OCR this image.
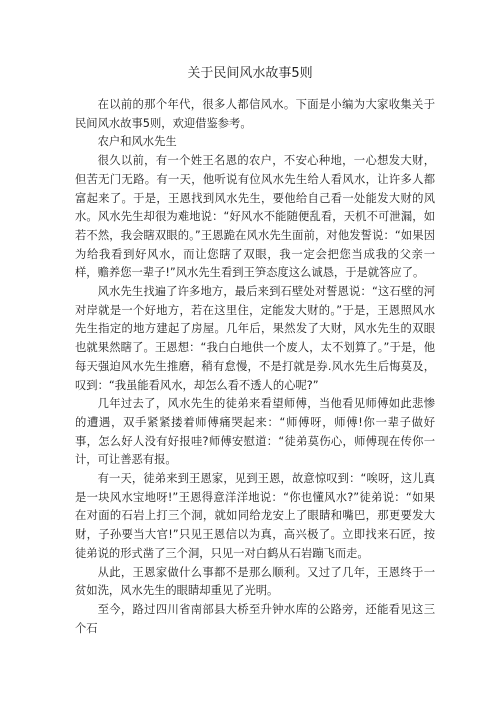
关于民间风水故事5则

在以前的那个年代，很多人都信风水。下面是小编为大家收集关于民间风水故事5则，欢迎借鉴参考。

农户和风水先生

很久以前，有一个姓王名恩的农户，不安心种地，一心想发大财，但苦无门无路。有一天，他听说有位风水先生给人看风水，让许多人都富起来了。于是，王恩找到风水先生，要他给自己看一处能发大财的风水。风水先生却很为难地说：“好风水不能随便乱看，天机不可泄漏，如若不然，我会瞎双眼的。”王恩跪在风水先生面前，对他发誓说：“如果因为给我看到好风水，而让您瞎了双眼，我一定会把您当成我的父亲一样，赡养您一辈子!”风水先生看到王笋态度这么诚恳，于是就答应了。

风水先生找遍了许多地方，最后来到石壁处对誓恩说：“这石壁的河对岸就是一个好地方，若在这里住，定能发大财的。”于是，王恩照风水先生指定的地方建起了房屋。几年后，果然发了大财，风水先生的双眼也就果然瞎了。王恩想：“我白白地供一个废人，太不划算了。”于是，他每天强迫风水先生推磨，稍有怠慢，不是打就是券.风水先生后悔莫及，叹到：“我虽能看风水，却怎么看不透人的心呢?”

几年过去了，风水先生的徒弟来看望师傅，当他看见师傅如此悲惨的遭遇，双手紧紧搂着师傅痛哭起来：“师傅呀，师傅!你一辈子做好事，怎么好人没有好报哇?师傅安慰道：“徒弟莫伤心，师傅现在传你一计，可让善恶有报。

有一天，徒弟来到王恩家，见到王恩，故意惊叹到：“唉呀，这儿真是一块风水宝地呀!”王恩得意洋洋地说：“你也懂风水?”徒弟说：“如果在对面的石岩上打三个洞，就如同给龙安上了眼睛和嘴巴，那更要发大财，子孙要当大官!”只见王恩信以为真，高兴极了。立即找来石匠，按徒弟说的形式凿了三个洞，只见一对白鹤从石岩蹦飞而走。

从此，王恩家做什么事都不是那么顺利。又过了几年，王恩终于一贫如洗，风水先生的眼睛却重见了光明。

至今，路过四川省南部县大桥至升钟水库的公路旁，还能看见这三个石
